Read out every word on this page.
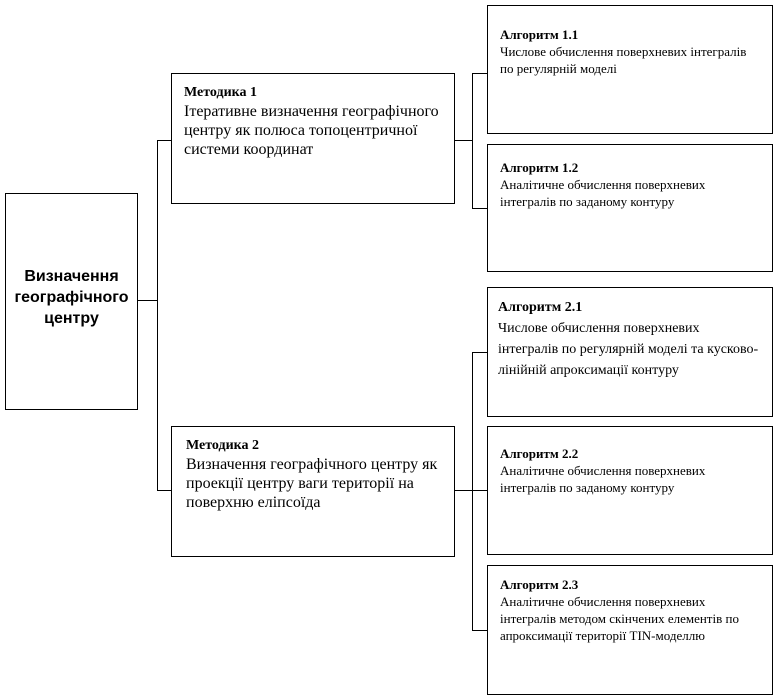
Визначення географічного центру
Методика 1
Ітеративне визначення географічного центру як полюса топоцентричної системи координат
Методика 2
Визначення географічного центру як проекції центру ваги території на поверхню еліпсоїда
Алгоритм 1.1
Числове обчислення поверхневих інтегралів по регулярній моделі
Алгоритм 1.2
Аналітичне обчислення поверхневих інтегралів по заданому контуру
Алгоритм 2.1
Числове обчислення поверхневих інтегралів по регулярній моделі та кусково-лінійній апроксимації контуру
Алгоритм 2.2
Аналітичне обчислення поверхневих інтегралів по заданому контуру
Алгоритм 2.3
Аналітичне обчислення поверхневих інтегралів методом скінчених елементів по апроксимації території TIN-моделлю
